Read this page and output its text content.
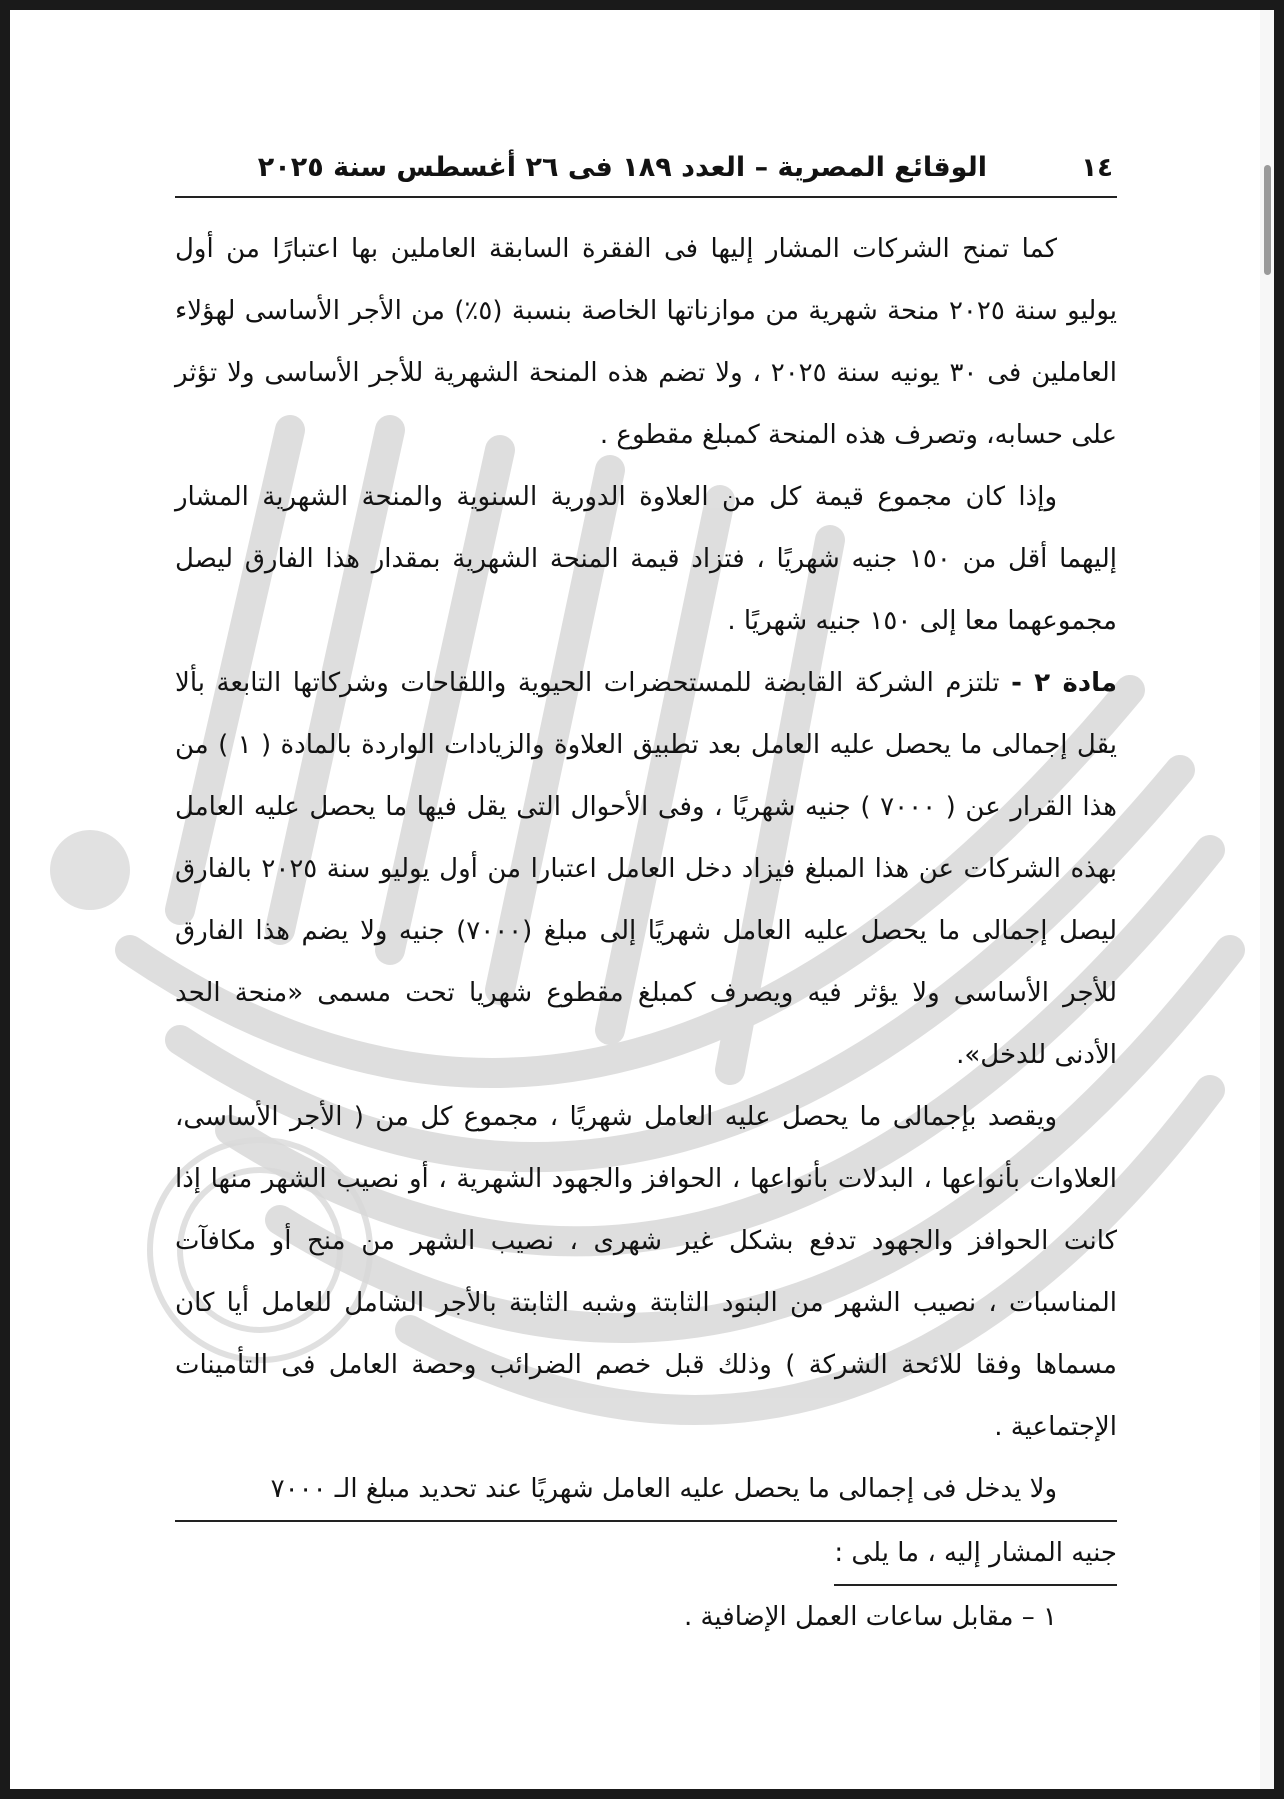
١٤
الوقائع المصرية – العدد ١٨٩ فى ٢٦ أغسطس سنة ٢٠٢٥

كما تمنح الشركات المشار إليها فى الفقرة السابقة العاملين بها اعتبارًا من أول يوليو سنة ٢٠٢٥ منحة شهرية من موازناتها الخاصة بنسبة (٥٪) من الأجر الأساسى لهؤلاء العاملين فى ٣٠ يونيه سنة ٢٠٢٥ ، ولا تضم هذه المنحة الشهرية للأجر الأساسى ولا تؤثر على حسابه، وتصرف هذه المنحة كمبلغ مقطوع .

وإذا كان مجموع قيمة كل من العلاوة الدورية السنوية والمنحة الشهرية المشار إليهما أقل من ١٥٠ جنيه شهريًا ، فتزاد قيمة المنحة الشهرية بمقدار هذا الفارق ليصل مجموعهما معا إلى ١٥٠ جنيه شهريًا .

مادة ٢ - تلتزم الشركة القابضة للمستحضرات الحيوية واللقاحات وشركاتها التابعة بألا يقل إجمالى ما يحصل عليه العامل بعد تطبيق العلاوة والزيادات الواردة بالمادة ( ١ ) من هذا القرار عن ( ٧٠٠٠ ) جنيه شهريًا ، وفى الأحوال التى يقل فيها ما يحصل عليه العامل بهذه الشركات عن هذا المبلغ فيزاد دخل العامل اعتبارا من أول يوليو سنة ٢٠٢٥ بالفارق ليصل إجمالى ما يحصل عليه العامل شهريًا إلى مبلغ (٧٠٠٠) جنيه ولا يضم هذا الفارق للأجر الأساسى ولا يؤثر فيه ويصرف كمبلغ مقطوع شهريا تحت مسمى «منحة الحد الأدنى للدخل».

ويقصد بإجمالى ما يحصل عليه العامل شهريًا ، مجموع كل من ( الأجر الأساسى، العلاوات بأنواعها ، البدلات بأنواعها ، الحوافز والجهود الشهرية ، أو نصيب الشهر منها إذا كانت الحوافز والجهود تدفع بشكل غير شهرى ، نصيب الشهر من منح أو مكافآت المناسبات ، نصيب الشهر من البنود الثابتة وشبه الثابتة بالأجر الشامل للعامل أيا كان مسماها وفقا للائحة الشركة ) وذلك قبل خصم الضرائب وحصة العامل فى التأمينات الإجتماعية .

ولا يدخل فى إجمالى ما يحصل عليه العامل شهريًا عند تحديد مبلغ الـ ٧٠٠٠

جنيه المشار إليه ، ما يلى :

١ – مقابل ساعات العمل الإضافية .
